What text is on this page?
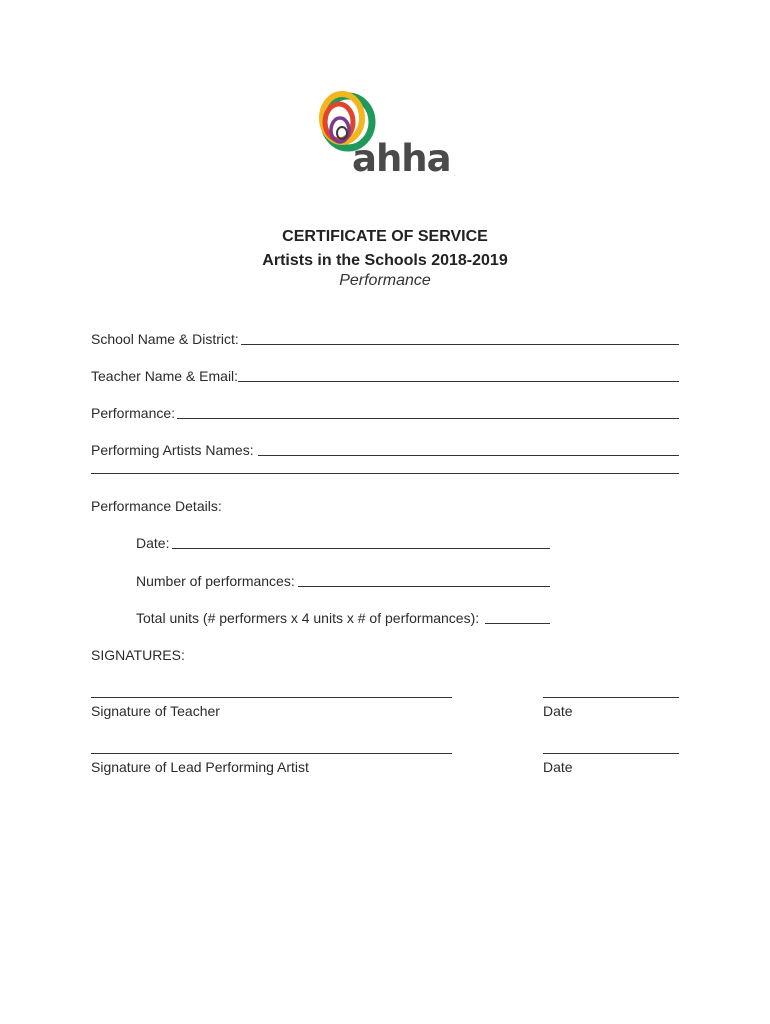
ahha .
CERTIFICATE OF SERVICE
Artists in the Schools 2018-2019
Performance
School Name & District:
Teacher Name & Email:
Performance:
Performing Artists Names:
Performance Details:
Date:
Number of performances:
Total units (# performers x 4 units x # of performances):
SIGNATURES:
Signature of Teacher	Date
Signature of Lead Performing Artist	Date
